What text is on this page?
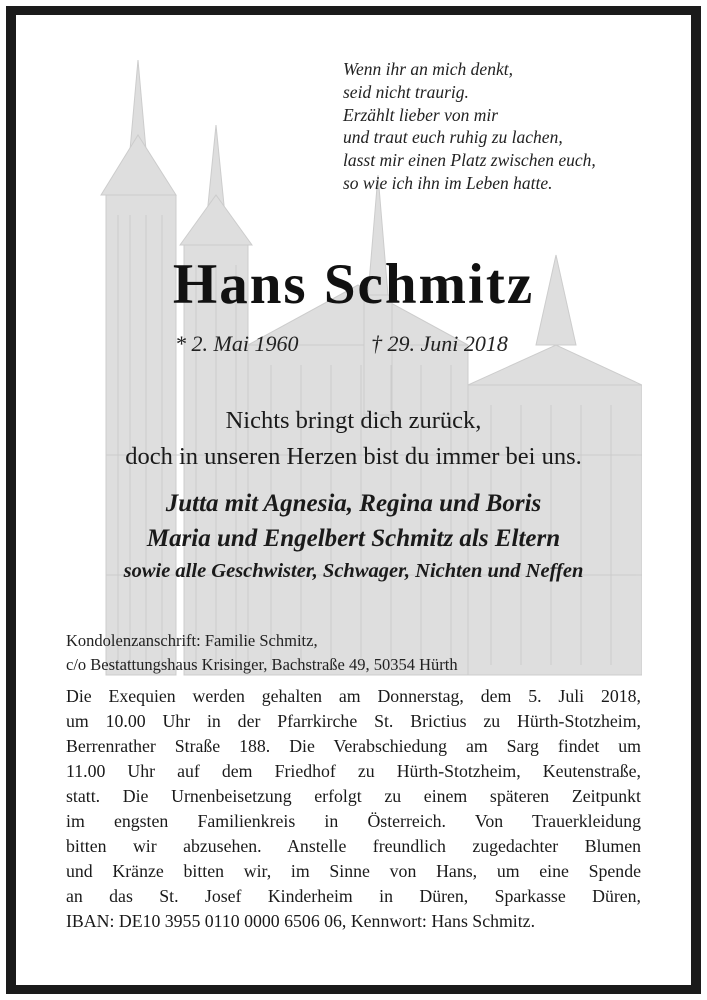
Wenn ihr an mich denkt,
seid nicht traurig.
Erzählt lieber von mir
und traut euch ruhig zu lachen,
lasst mir einen Platz zwischen euch,
so wie ich ihn im Leben hatte.
Hans Schmitz
* 2. Mai 1960	† 29. Juni 2018
Nichts bringt dich zurück,
doch in unseren Herzen bist du immer bei uns.
Jutta mit Agnesia, Regina und Boris
Maria und Engelbert Schmitz als Eltern
sowie alle Geschwister, Schwager, Nichten und Neffen
Kondolenzanschrift: Familie Schmitz,
c/o Bestattungshaus Krisinger, Bachstraße 49, 50354 Hürth
Die Exequien werden gehalten am Donnerstag, dem 5. Juli 2018,
um 10.00 Uhr in der Pfarrkirche St. Brictius zu Hürth-Stotzheim,
Berrenrather Straße 188. Die Verabschiedung am Sarg findet um
11.00 Uhr auf dem Friedhof zu Hürth-Stotzheim, Keutenstraße,
statt. Die Urnenbeisetzung erfolgt zu einem späteren Zeitpunkt
im engsten Familienkreis in Österreich. Von Trauerkleidung
bitten wir abzusehen. Anstelle freundlich zugedachter Blumen
und Kränze bitten wir, im Sinne von Hans, um eine Spende
an das St. Josef Kinderheim in Düren, Sparkasse Düren,
IBAN: DE10 3955 0110 0000 6506 06, Kennwort: Hans Schmitz.
